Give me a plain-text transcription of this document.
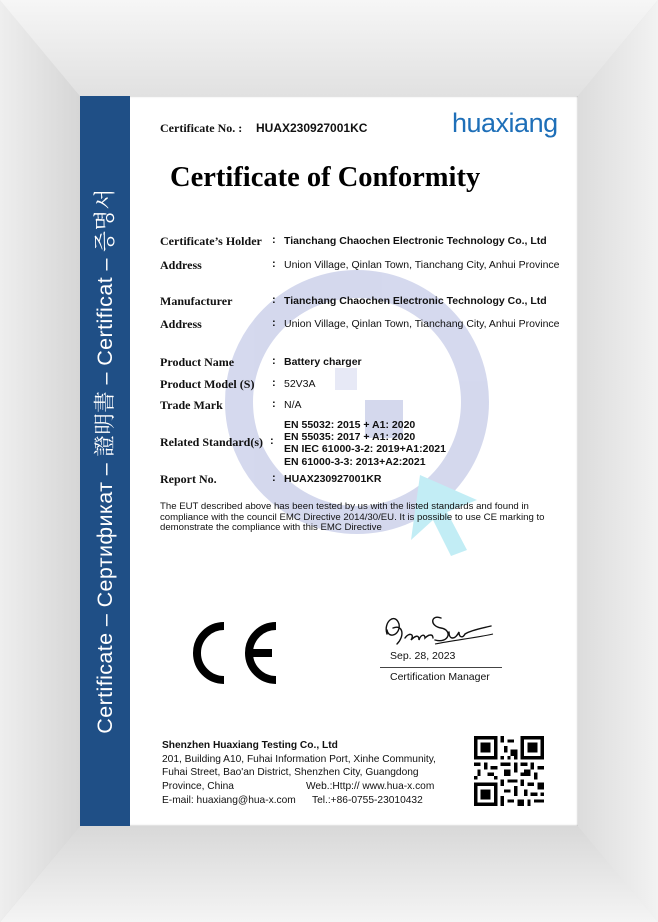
Certificate – Сертификат – 證明書 – Certificat – 증명서
huaxiang
Certificate No. : HUAX230927001KC
Certificate of Conformity
Certificate’s Holder : Tianchang Chaochen Electronic Technology Co., Ltd
Address	: Union Village, Qinlan Town, Tianchang City, Anhui Province
Manufacturer	: Tianchang Chaochen Electronic Technology Co., Ltd
Address	: Union Village, Qinlan Town, Tianchang City, Anhui Province
Product Name	: Battery charger
Product Model (S) : 52V3A
Trade Mark	: N/A
Related Standard(s) :
EN 55032: 2015 + A1: 2020
EN 55035: 2017 + A1: 2020
EN IEC 61000-3-2: 2019+A1:2021
EN 61000-3-3: 2013+A2:2021
Report No.	: HUAX230927001KR
The EUT described above has been tested by us with the listed standards and found in compliance with the council EMC Directive 2014/30/EU. It is possible to use CE marking to demonstrate the compliance with this EMC Directive
Sep. 28, 2023
Certification Manager
Shenzhen Huaxiang Testing Co., Ltd
201, Building A10, Fuhai Information Port, Xinhe Community,
Fuhai Street, Bao'an District, Shenzhen City, Guangdong
Province, China	Web.:Http:// www.hua-x.com
E-mail: huaxiang@hua-x.com Tel.:+86-0755-23010432
